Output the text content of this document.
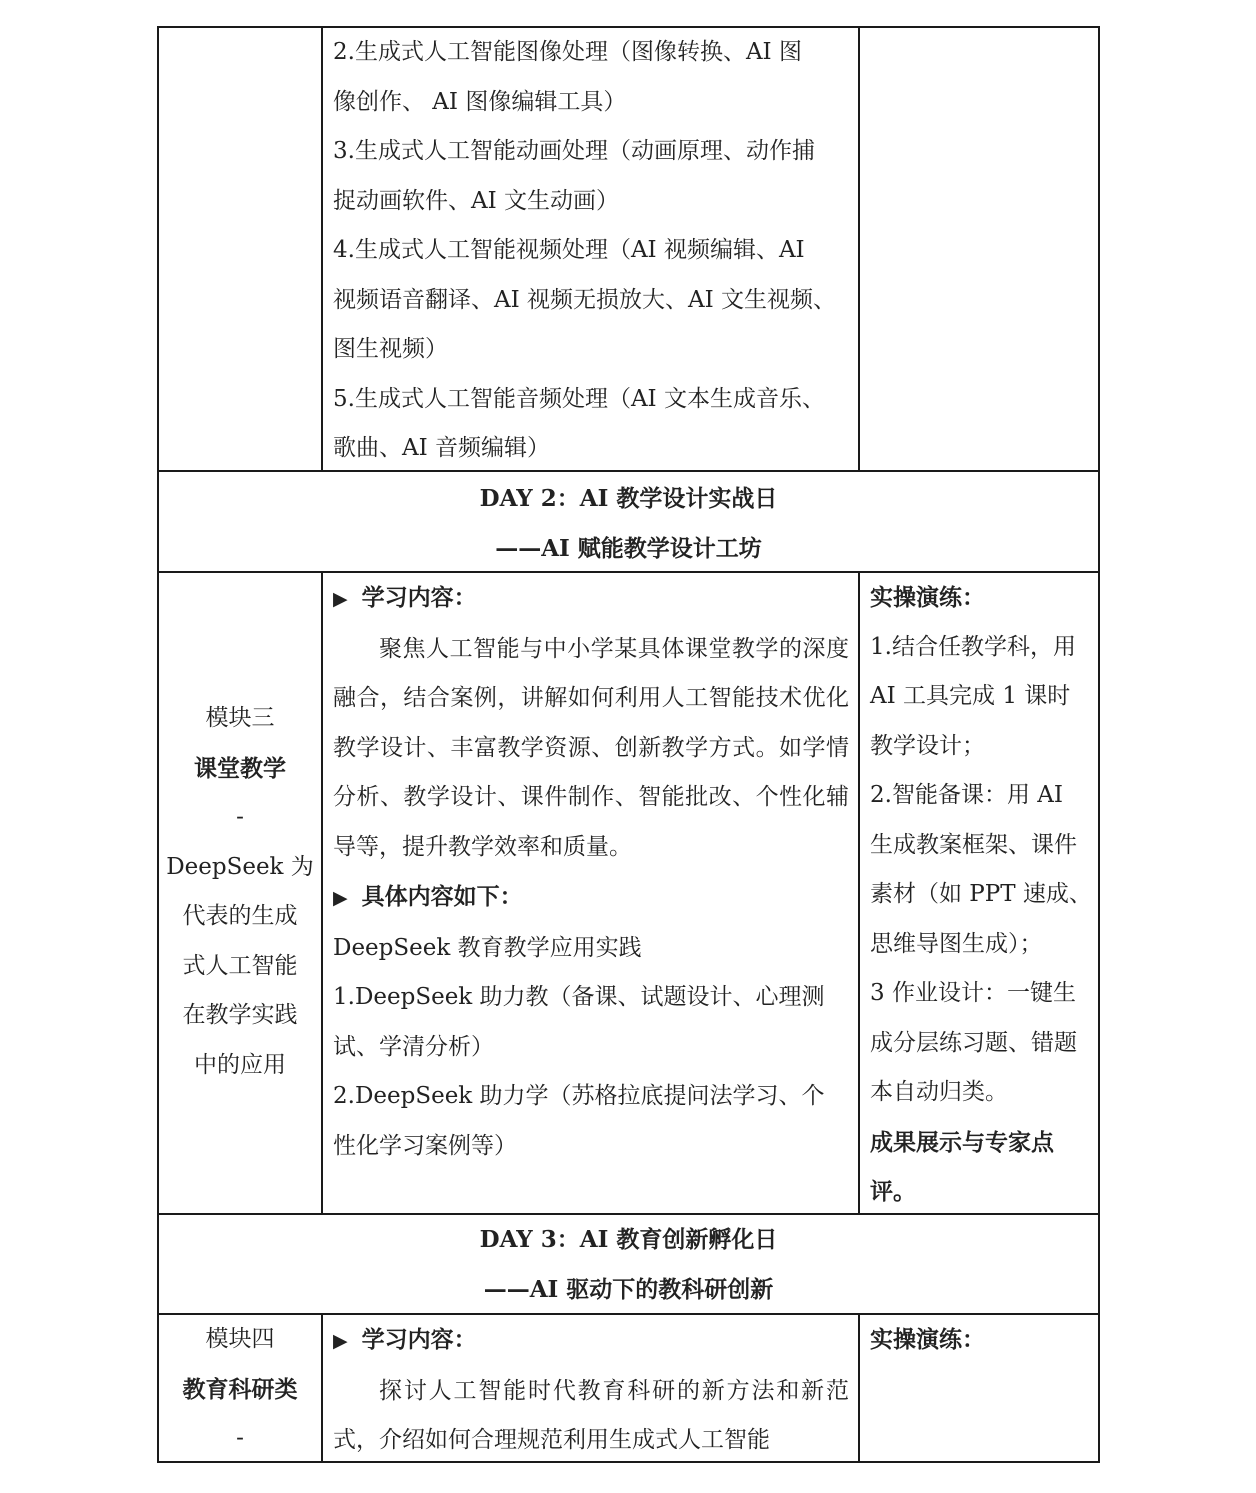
2.生成式人工智能图像处理（图像转换、AI 图
像创作、 AI 图像编辑工具）
3.生成式人工智能动画处理（动画原理、动作捕
捉动画软件、AI 文生动画）
4.生成式人工智能视频处理（AI 视频编辑、AI
视频语音翻译、AI 视频无损放大、AI 文生视频、
图生视频）
5.生成式人工智能音频处理（AI 文本生成音乐、
歌曲、AI 音频编辑）
DAY 2：AI 教学设计实战日
——AI 赋能教学设计工坊
模块三
课堂教学
-
DeepSeek 为
代表的生成
式人工智能
在教学实践
中的应用
▶ 学习内容：
聚焦人工智能与中小学某具体课堂教学的深度融合，结合案例，讲解如何利用人工智能技术优化教学设计、丰富教学资源、创新教学方式。如学情分析、教学设计、课件制作、智能批改、个性化辅导等，提升教学效率和质量。
▶ 具体内容如下：
DeepSeek 教育教学应用实践
1.DeepSeek 助力教（备课、试题设计、心理测
试、学清分析）
2.DeepSeek 助力学（苏格拉底提问法学习、个
性化学习案例等）
实操演练：
1.结合任教学科，用
AI 工具完成 1 课时
教学设计；
2.智能备课：用 AI
生成教案框架、课件
素材（如 PPT 速成、
思维导图生成）；
3 作业设计：一键生
成分层练习题、错题
本自动归类。
成果展示与专家点
评。
DAY 3：AI 教育创新孵化日
——AI 驱动下的教科研创新
模块四
教育科研类
-
▶ 学习内容：
探讨人工智能时代教育科研的新方法和新范式，介绍如何合理规范利用生成式人工智能
实操演练：
